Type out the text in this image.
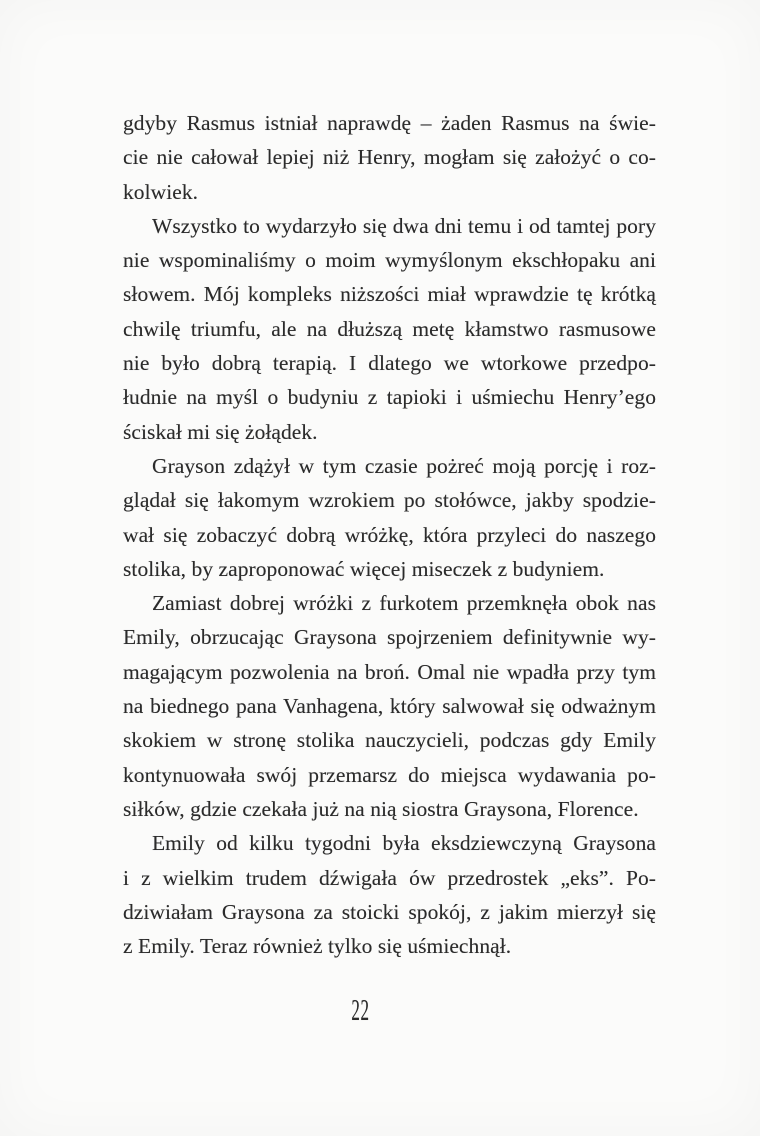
gdyby Rasmus istniał naprawdę – żaden Rasmus na świe-
cie nie całował lepiej niż Henry, mogłam się założyć o co-
kolwiek.
Wszystko to wydarzyło się dwa dni temu i od tamtej pory
nie wspominaliśmy o moim wymyślonym ekschłopaku ani
słowem. Mój kompleks niższości miał wprawdzie tę krótką
chwilę triumfu, ale na dłuższą metę kłamstwo rasmusowe
nie było dobrą terapią. I dlatego we wtorkowe przedpo-
łudnie na myśl o budyniu z tapioki i uśmiechu Henry’ego
ściskał mi się żołądek.
Grayson zdążył w tym czasie pożreć moją porcję i roz-
glądał się łakomym wzrokiem po stołówce, jakby spodzie-
wał się zobaczyć dobrą wróżkę, która przyleci do naszego
stolika, by zaproponować więcej miseczek z budyniem.
Zamiast dobrej wróżki z furkotem przemknęła obok nas
Emily, obrzucając Graysona spojrzeniem definitywnie wy-
magającym pozwolenia na broń. Omal nie wpadła przy tym
na biednego pana Vanhagena, który salwował się odważnym
skokiem w stronę stolika nauczycieli, podczas gdy Emily
kontynuowała swój przemarsz do miejsca wydawania po-
siłków, gdzie czekała już na nią siostra Graysona, Florence.
Emily od kilku tygodni była eksdziewczyną Graysona
i z wielkim trudem dźwigała ów przedrostek „eks”. Po-
dziwiałam Graysona za stoicki spokój, z jakim mierzył się
z Emily. Teraz również tylko się uśmiechnął.
22
